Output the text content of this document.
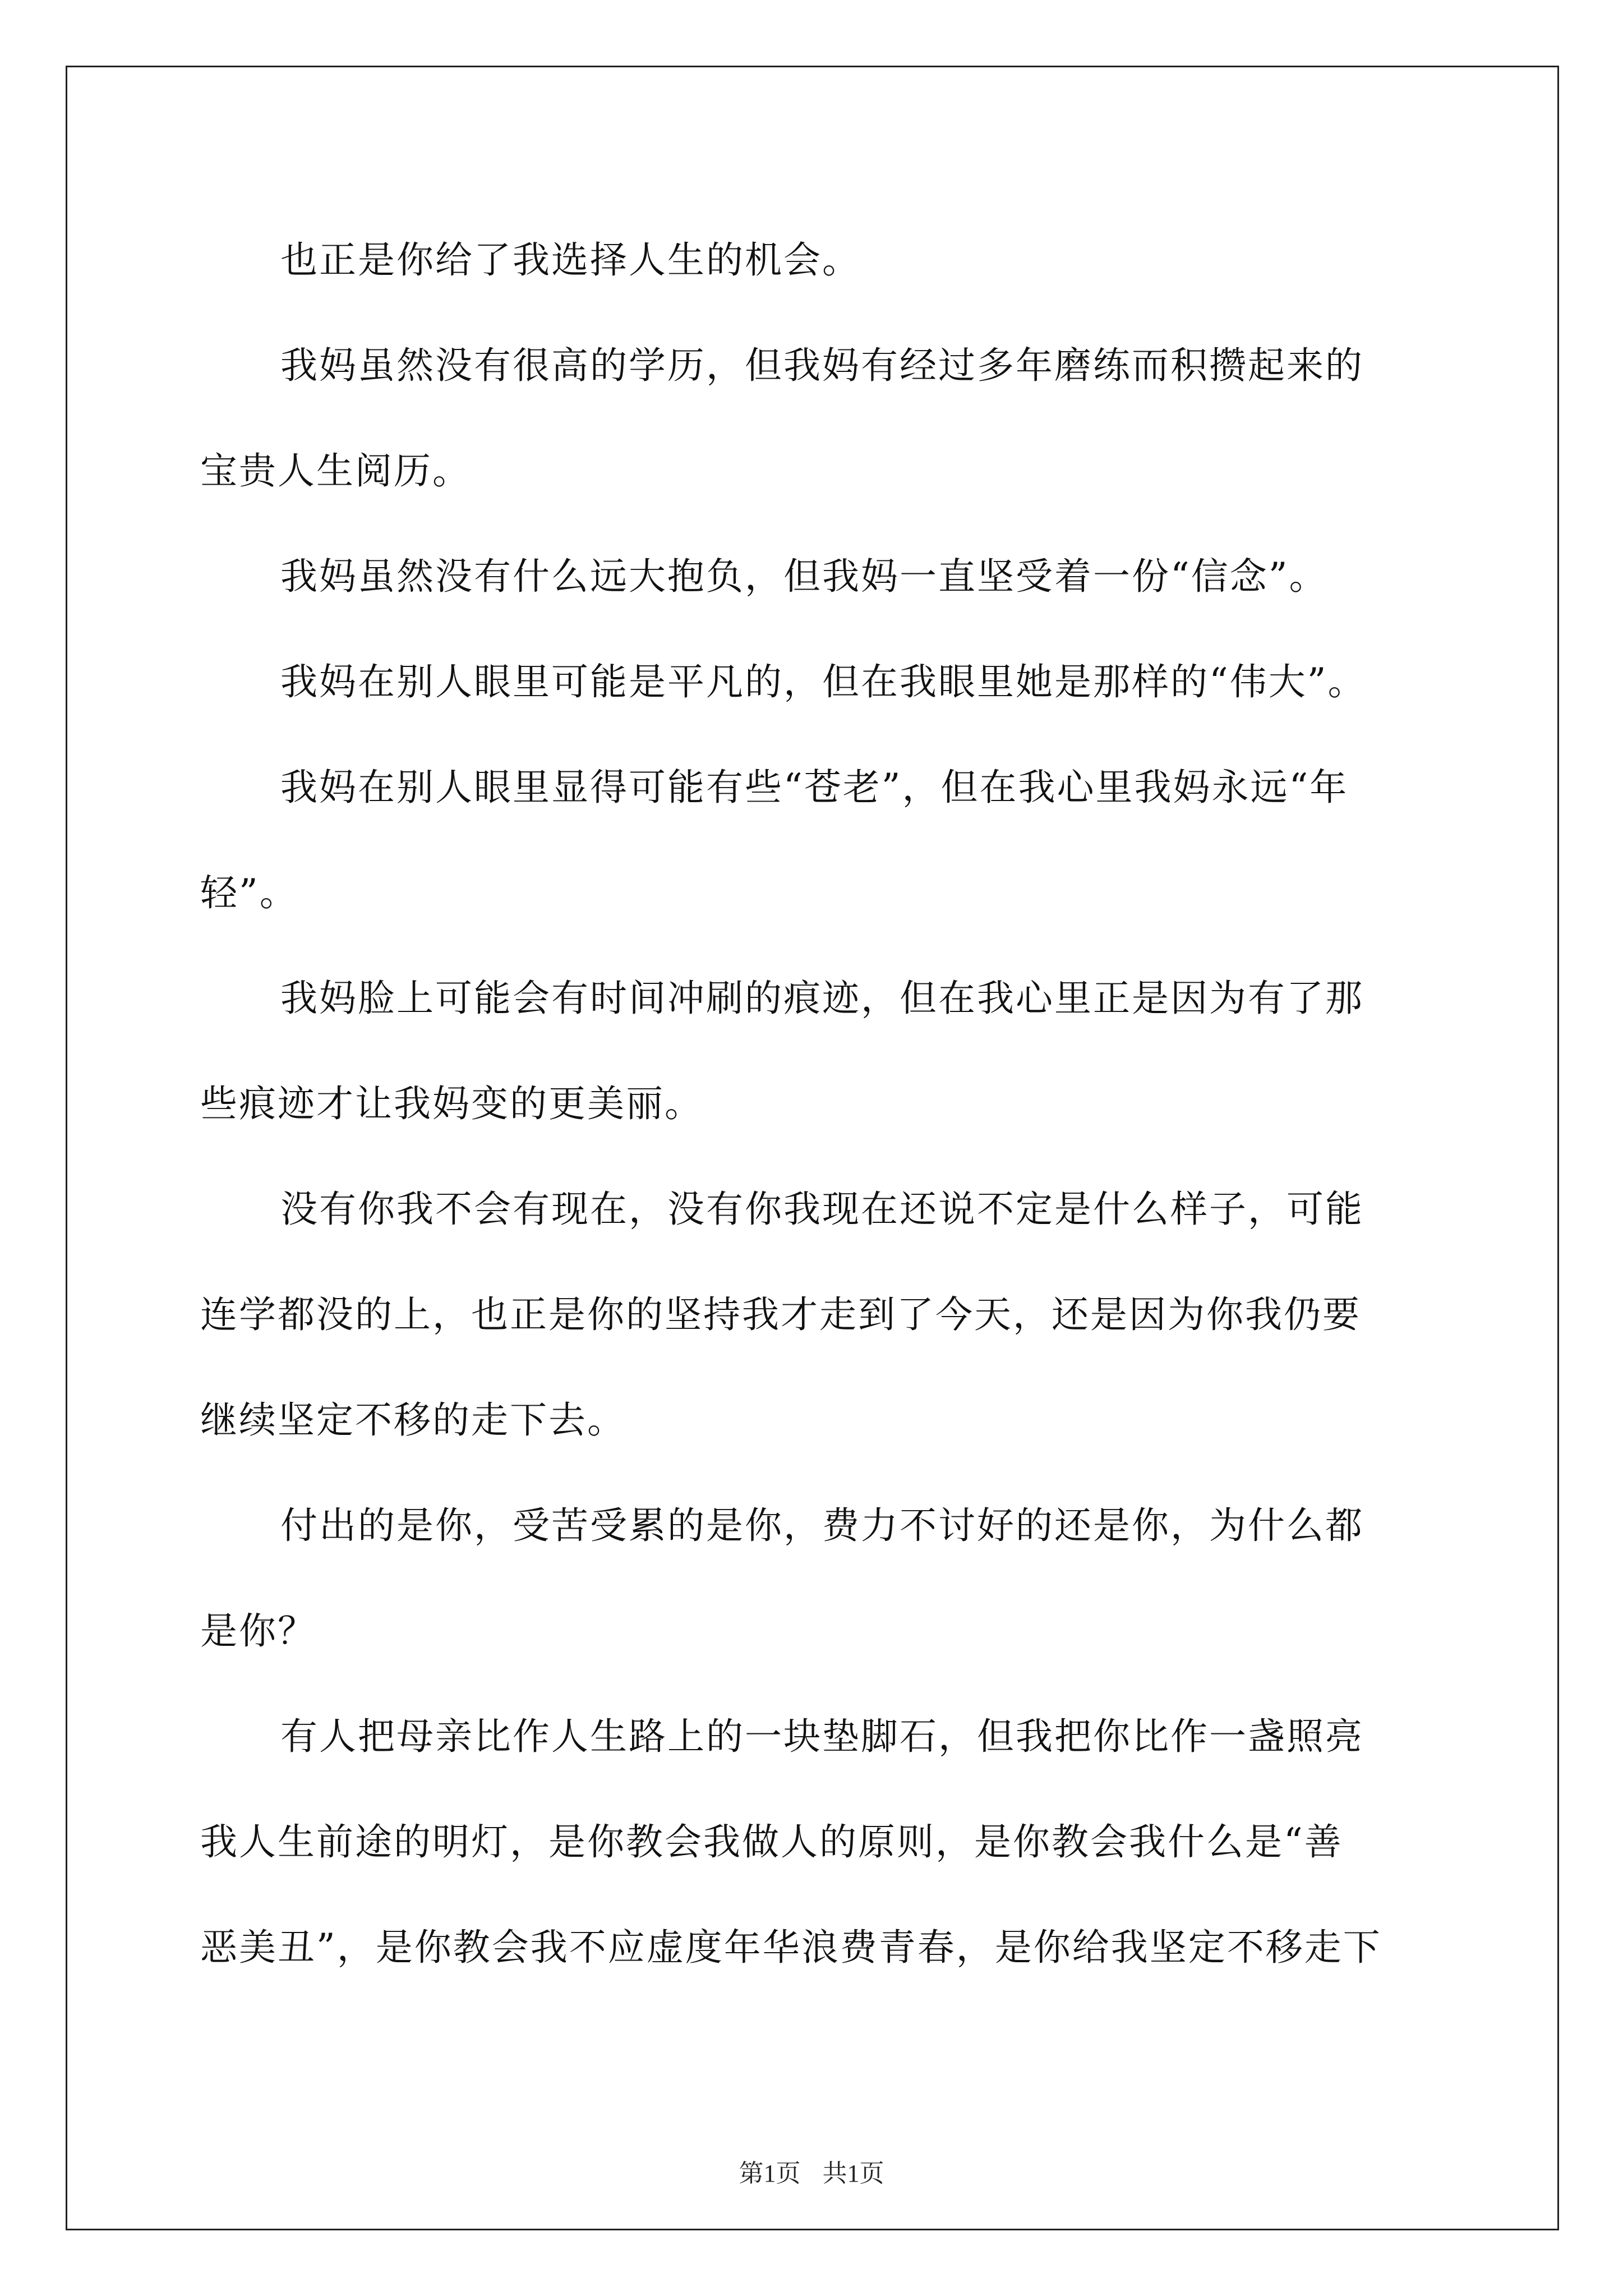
也正是你给了我选择人生的机会。

我妈虽然没有很高的学历，但我妈有经过多年磨练而积攒起来的
宝贵人生阅历。

我妈虽然没有什么远大抱负，但我妈一直坚受着一份“信念”。

我妈在别人眼里可能是平凡的，但在我眼里她是那样的“伟大”。

我妈在别人眼里显得可能有些“苍老”，但在我心里我妈永远“年
轻”。

我妈脸上可能会有时间冲刷的痕迹，但在我心里正是因为有了那
些痕迹才让我妈变的更美丽。

没有你我不会有现在，没有你我现在还说不定是什么样子，可能
连学都没的上，也正是你的坚持我才走到了今天，还是因为你我仍要
继续坚定不移的走下去。

付出的是你，受苦受累的是你，费力不讨好的还是你，为什么都
是你？

有人把母亲比作人生路上的一块垫脚石，但我把你比作一盏照亮
我人生前途的明灯，是你教会我做人的原则，是你教会我什么是“善
恶美丑”，是你教会我不应虚度年华浪费青春，是你给我坚定不移走下

第1页 共1页
